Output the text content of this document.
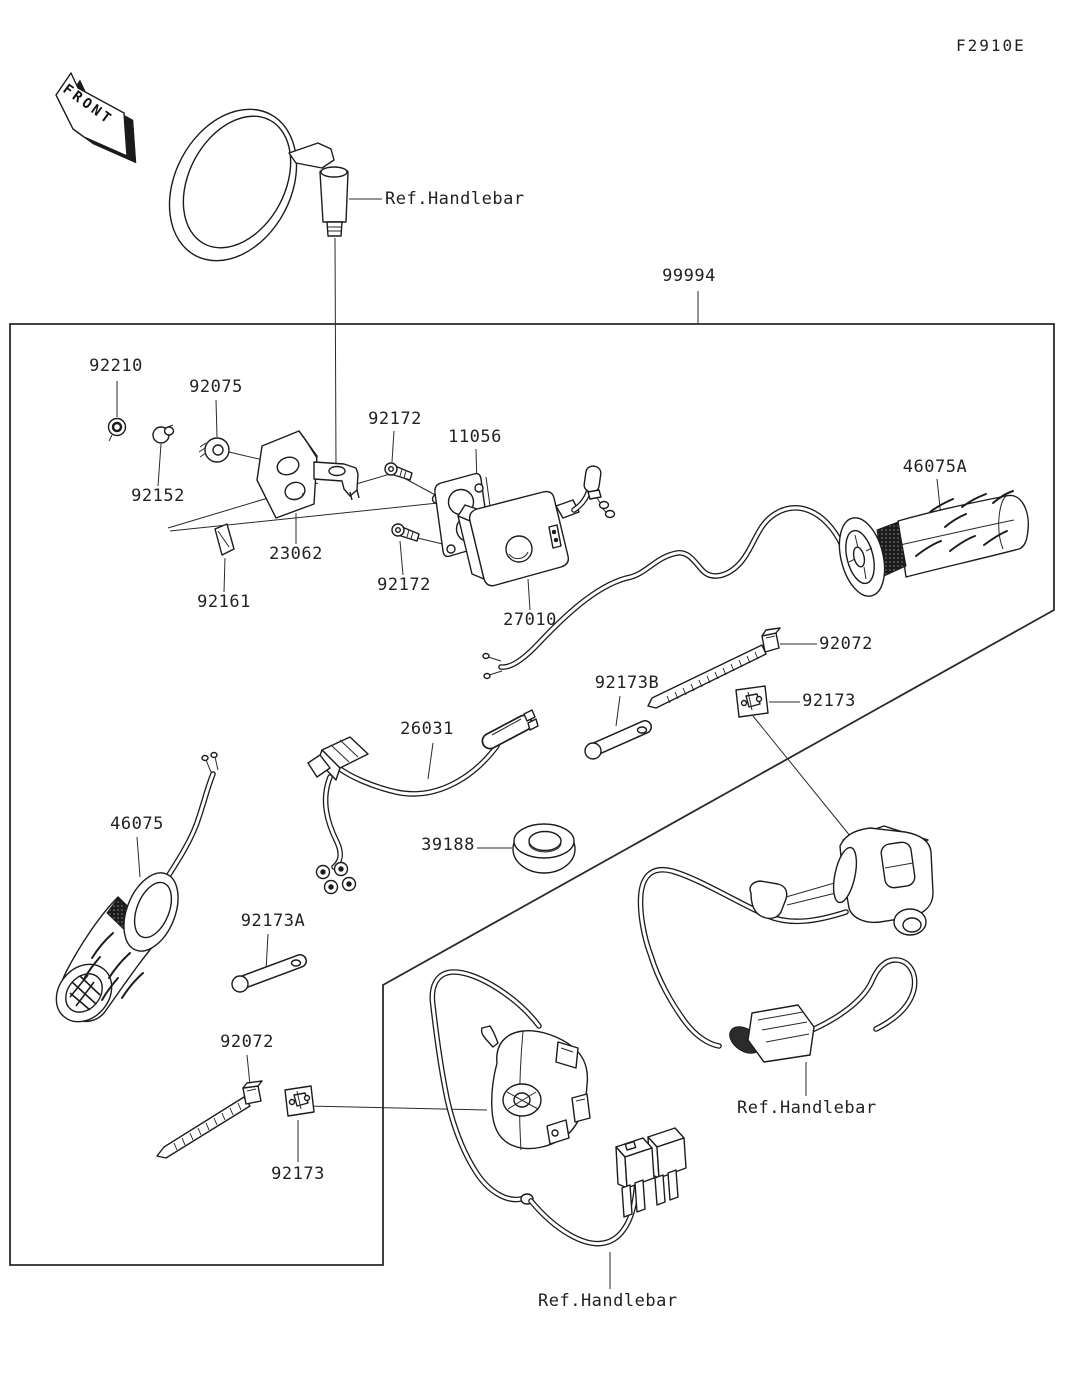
FRONT
F2910E
Ref.Handlebar
99994
92210
92075
92152
23062
92161
92172
92172
11056
27010
46075A
92072
92173
92173B
26031
39188
46075
92173A
92072
92173
Ref.Handlebar
Ref.Handlebar
